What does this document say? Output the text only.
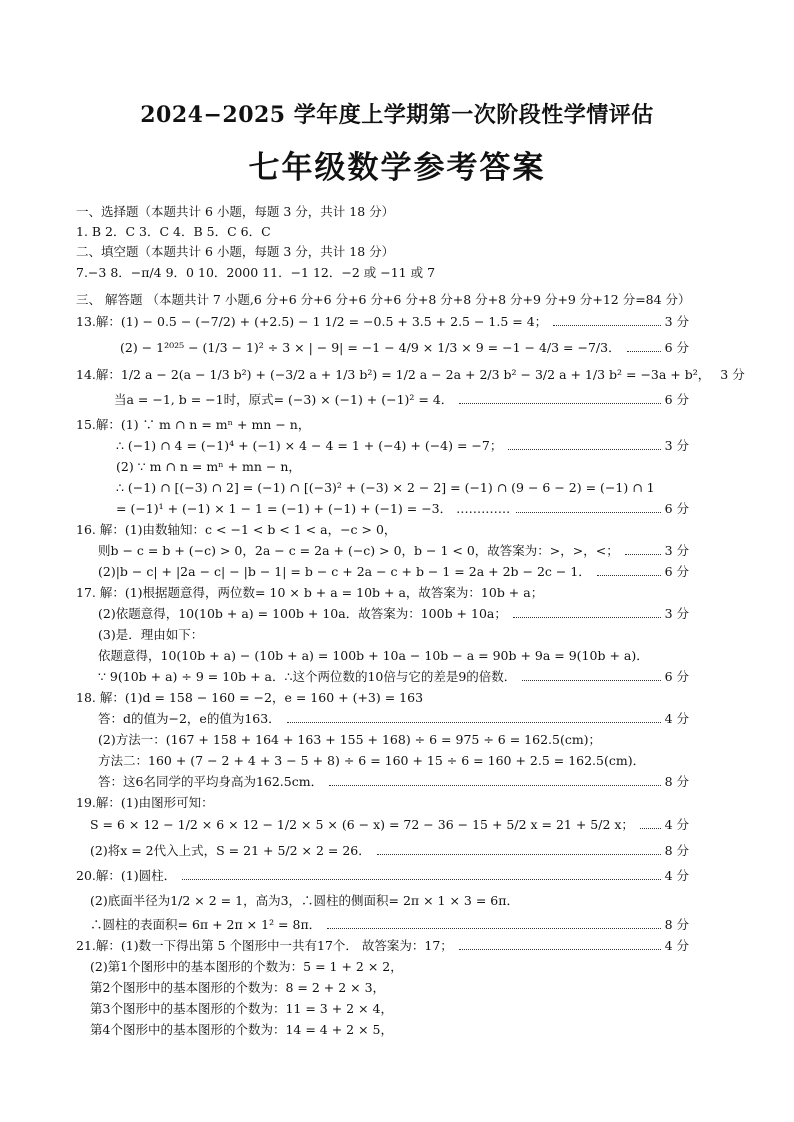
2024−2025 学年度上学期第一次阶段性学情评估
七年级数学参考答案
一、选择题（本题共计 6 小题，每题 3 分，共计 18 分）
1. B 2．C 3．C 4．B 5．C 6．C
二、填空题（本题共计 6 小题，每题 3 分，共计 18 分）
7.−3 8．−π/4 9．0 10．2000 11．−1 12．−2 或 −11 或 7
三、 解答题 （本题共计 7 小题,6 分+6 分+6 分+6 分+6 分+8 分+8 分+8 分+9 分+9 分+12 分=84 分）
13.解：(1) − 0.5 − (−7/2) + (+2.5) − 1 1/2 = −0.5 + 3.5 + 2.5 − 1.5 = 4；	3 分
(2) − 1²⁰²⁵ − (1/3 − 1)² ÷ 3 × | − 9| = −1 − 4/9 × 1/3 × 9 = −1 − 4/3 = −7/3．	6 分
14.解：1/2 a − 2(a − 1/3 b²) + (−3/2 a + 1/3 b²) = 1/2 a − 2a + 2/3 b² − 3/2 a + 1/3 b² = −3a + b²， 3 分
当a = −1, b = −1时，原式= (−3) × (−1) + (−1)² = 4．	6 分
15.解：(1) ∵ m ∩ n = mⁿ + mn − n，
∴ (−1) ∩ 4 = (−1)⁴ + (−1) × 4 − 4 = 1 + (−4) + (−4) = −7；	3 分
(2) ∵ m ∩ n = mⁿ + mn − n，
∴ (−1) ∩ [(−3) ∩ 2] = (−1) ∩ [(−3)² + (−3) × 2 − 2] = (−1) ∩ (9 − 6 − 2) = (−1) ∩ 1
= (−1)¹ + (−1) × 1 − 1 = (−1) + (−1) + (−1) = −3． ………….	6 分
16. 解：(1)由数轴知：c < −1 < b < 1 < a，−c > 0，
则b − c = b + (−c) > 0，2a − c = 2a + (−c) > 0，b − 1 < 0，故答案为：>，>，<；	3 分
(2)|b − c| + |2a − c| − |b − 1| = b − c + 2a − c + b − 1 = 2a + 2b − 2c − 1．	6 分
17. 解：(1)根据题意得，两位数= 10 × b + a = 10b + a，故答案为：10b + a；
(2)依题意得，10(10b + a) = 100b + 10a．故答案为：100b + 10a；	3 分
(3)是．理由如下：
依题意得，10(10b + a) − (10b + a) = 100b + 10a − 10b − a = 90b + 9a = 9(10b + a)．
∵ 9(10b + a) ÷ 9 = 10b + a．∴这个两位数的10倍与它的差是9的倍数．	6 分
18. 解：(1)d = 158 − 160 = −2，e = 160 + (+3) = 163
答：d的值为−2，e的值为163．	4 分
(2)方法一：(167 + 158 + 164 + 163 + 155 + 168) ÷ 6 = 975 ÷ 6 = 162.5(cm)；
方法二：160 + (7 − 2 + 4 + 3 − 5 + 8) ÷ 6 = 160 + 15 ÷ 6 = 160 + 2.5 = 162.5(cm)．
答：这6名同学的平均身高为162.5cm．	8 分
19.解：(1)由图形可知：
S = 6 × 12 − 1/2 × 6 × 12 − 1/2 × 5 × (6 − x) = 72 − 36 − 15 + 5/2 x = 21 + 5/2 x； 4 分
(2)将x = 2代入上式，S = 21 + 5/2 × 2 = 26．	8 分
20.解：(1)圆柱．	4 分
(2)底面半径为1/2 × 2 = 1，高为3，∴圆柱的侧面积= 2π × 1 × 3 = 6π．
∴圆柱的表面积= 6π + 2π × 1² = 8π．	8 分
21.解：(1)数一下得出第 5 个图形中一共有17个． 故答案为：17；	4 分
(2)第1个图形中的基本图形的个数为：5 = 1 + 2 × 2，
第2个图形中的基本图形的个数为：8 = 2 + 2 × 3，
第3个图形中的基本图形的个数为：11 = 3 + 2 × 4，
第4个图形中的基本图形的个数为：14 = 4 + 2 × 5，
